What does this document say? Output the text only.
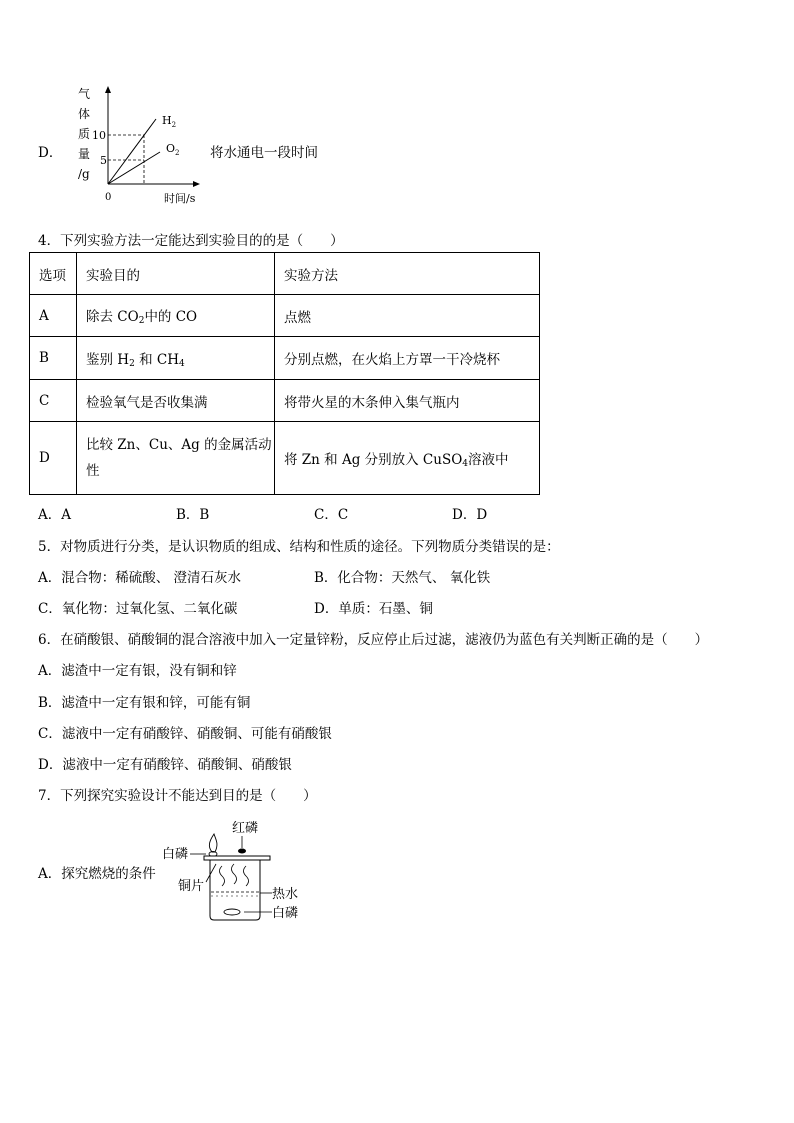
D．
气
体
质
量
/g
10
5
0	时间/s
$H_2$
$O_2$ 将水通电一段时间
4．下列实验方法一定能达到实验目的的是（　　）
选项	实验目的	实验方法
A	除去 $CO_2$中的 CO	点燃
B	鉴别 $H_2$ 和 $CH_4$	分别点燃，在火焰上方罩一干冷烧杯
C	检验氧气是否收集满	将带火星的木条伸入集气瓶内
D	比较 Zn、Cu、Ag 的金属活动
性	将 Zn 和 Ag 分别放入 CuSO$_4$溶液中
A．A	B．B	C．C	D．D
5．对物质进行分类，是认识物质的组成、结构和性质的途径。下列物质分类错误的是：
A．混合物：稀硫酸、 澄清石灰水	B．化合物：天然气、 氧化铁
C．氧化物：过氧化氢、二氧化碳	D．单质：石墨、铜
6．在硝酸银、硝酸铜的混合溶液中加入一定量锌粉，反应停止后过滤，滤液仍为蓝色有关判断正确的是（　　）
A．滤渣中一定有银，没有铜和锌
B．滤渣中一定有银和锌，可能有铜
C．滤液中一定有硝酸锌、硝酸铜、可能有硝酸银
D．滤液中一定有硝酸锌、硝酸铜、硝酸银
7．下列探究实验设计不能达到目的是（　　）
A．探究燃烧的条件
红磷
白磷
铜片
热水
白磷
